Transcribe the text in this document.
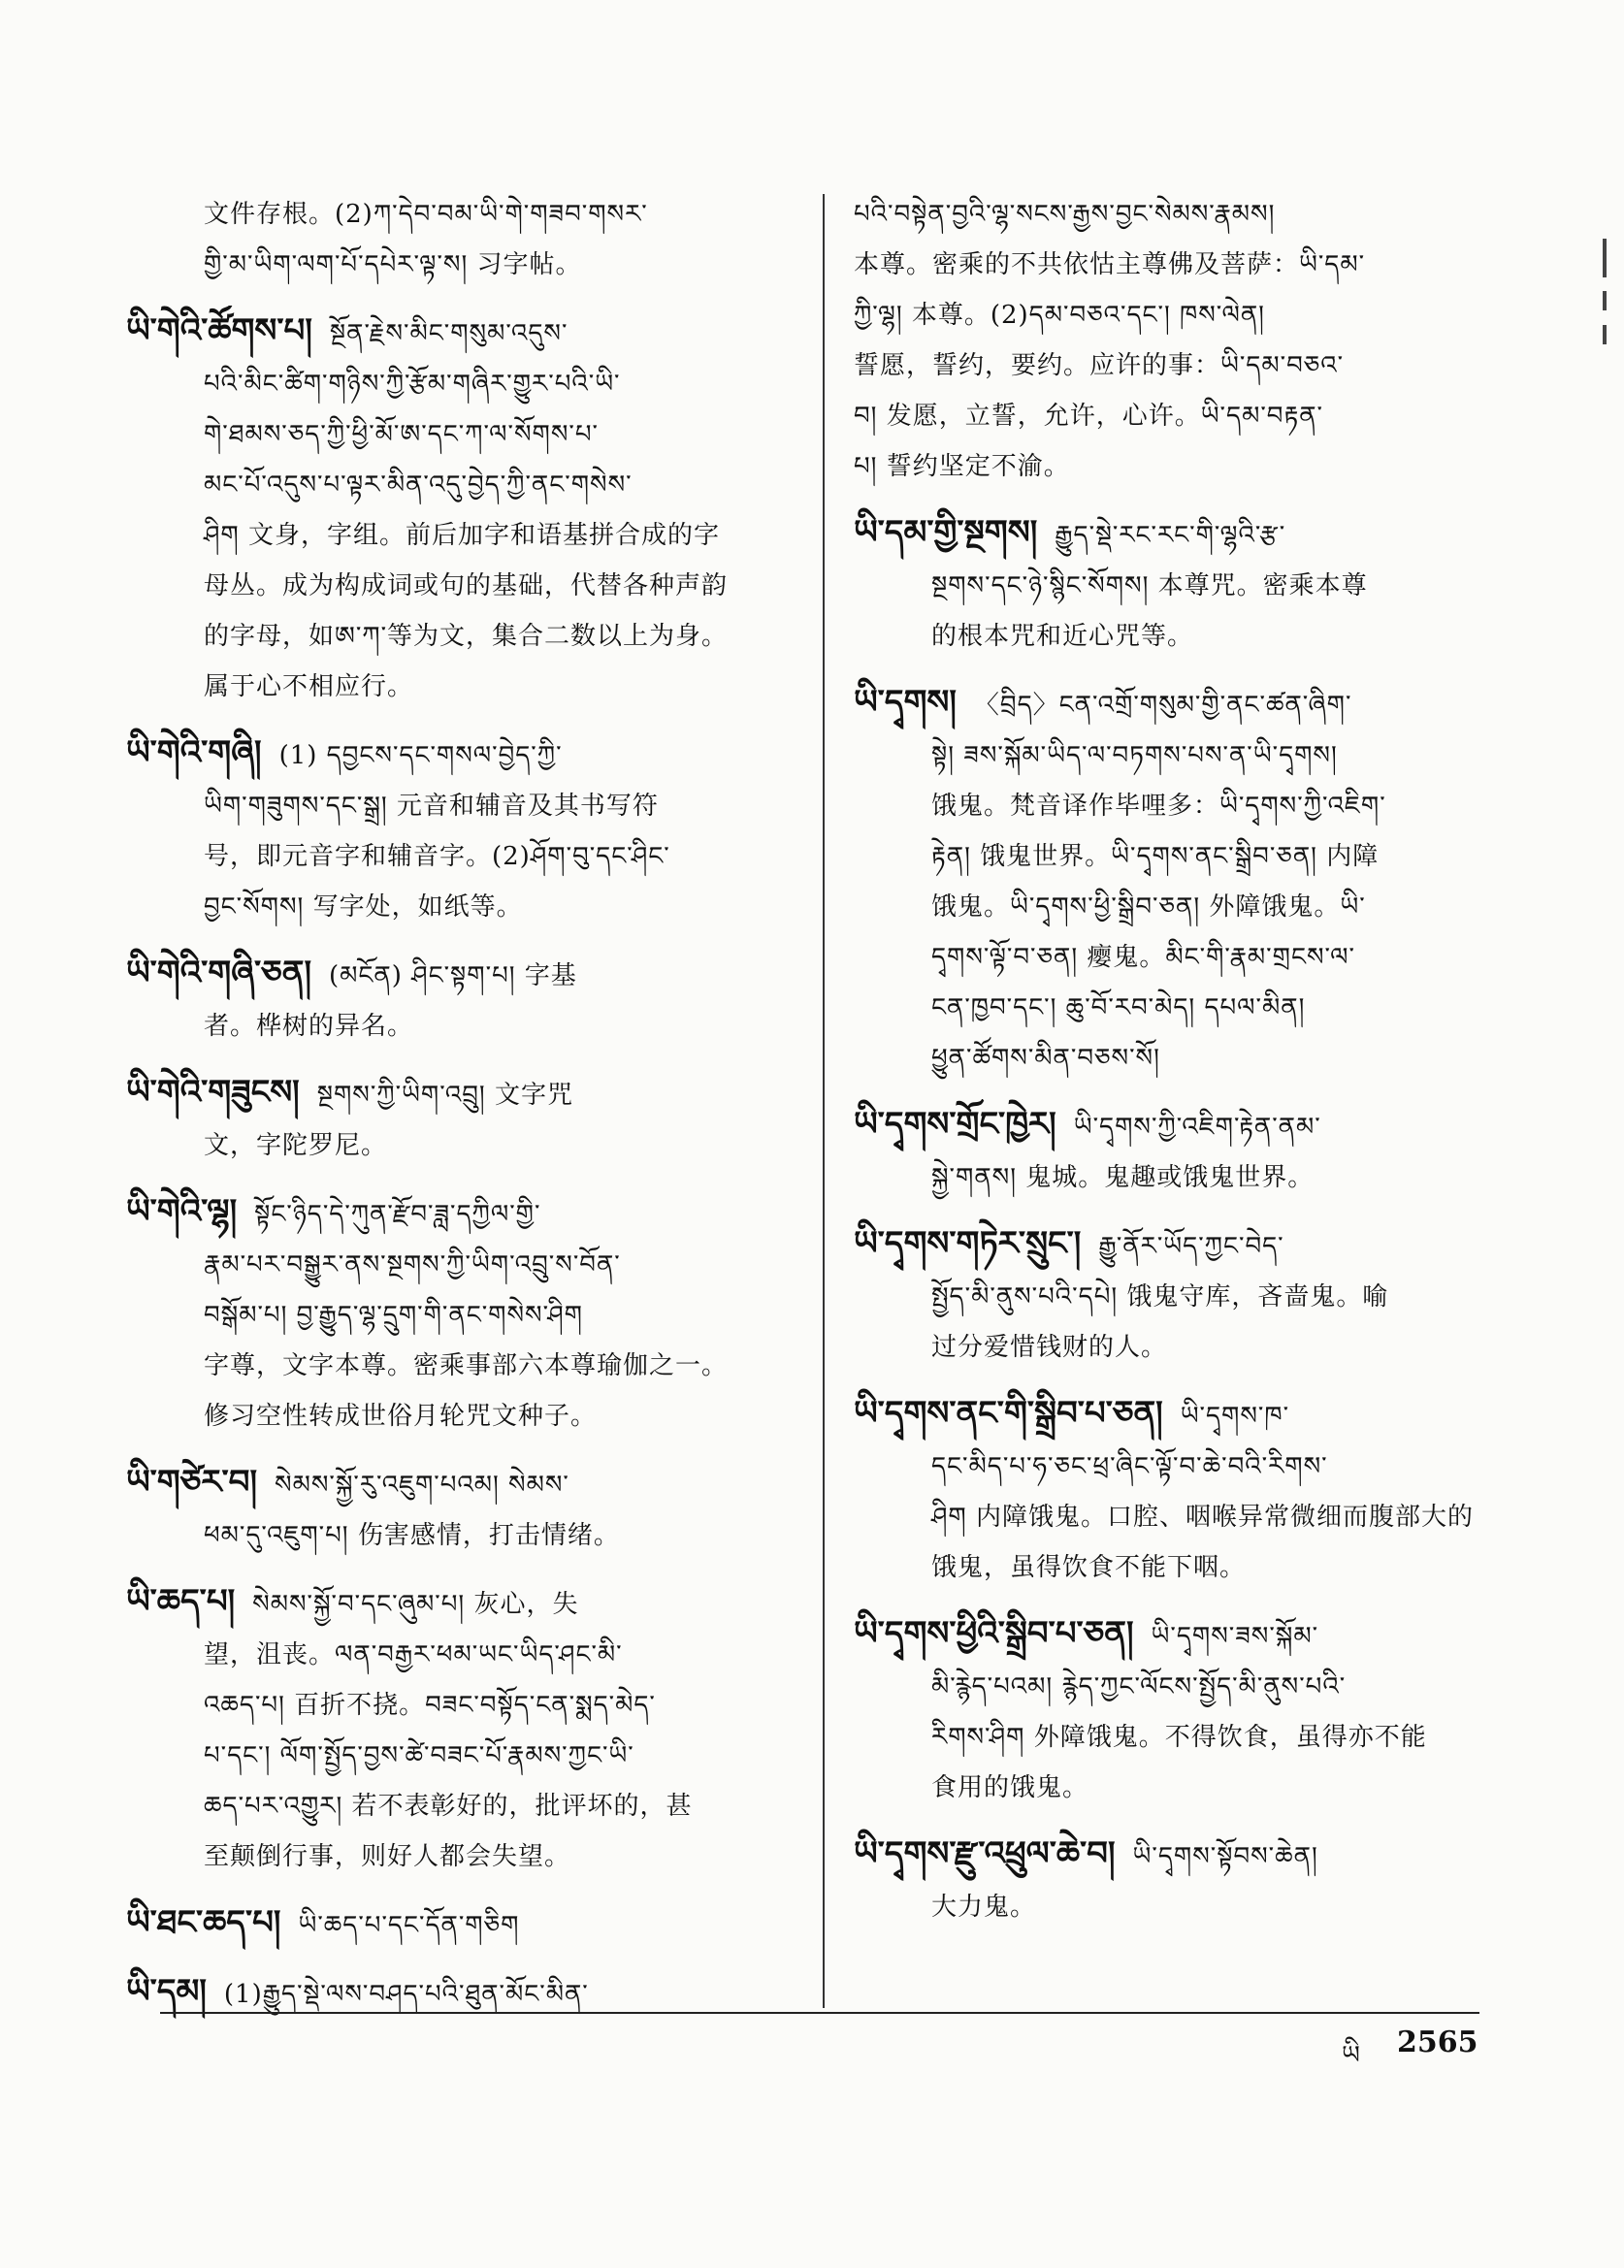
文件存根。(2)ཀ་དེབ་བམ་ཡི་གེ་གཟབ་གསར་
གྱི་མ་ཡིག་ལག་པོ་དཔེར་ལྟ་ས། 习字帖。
ཡི་གེའི་ཚོགས་པ། སྔོན་རྗེས་མིང་གསུམ་འདུས་
པའི་མིང་ཚིག་གཉིས་ཀྱི་རྩོམ་གཞིར་གྱུར་པའི་ཡི་
གེ་ཐམས་ཅད་ཀྱི་ཕྱི་མོ་ཨ་དང་ཀ་ལ་སོགས་པ་
མང་པོ་འདུས་པ་ལྟར་མིན་འདུ་བྱེད་ཀྱི་ནང་གསེས་
ཤིག 文身，字组。前后加字和语基拼合成的字
母丛。成为构成词或句的基础，代替各种声韵
的字母，如ཨ་ཀ་等为文，集合二数以上为身。
属于心不相应行。
ཡི་གེའི་གཞི། (1) དབྱངས་དང་གསལ་བྱེད་ཀྱི་
ཡིག་གཟུགས་དང་སྒྲ། 元音和辅音及其书写符
号，即元音字和辅音字。(2)ཤོག་བུ་དང་ཤིང་
བྱང་སོགས། 写字处，如纸等。
ཡི་གེའི་གཞི་ཅན། (མངོན) ཤིང་སྟག་པ། 字基
者。桦树的异名。
ཡི་གེའི་གཟུངས། སྔགས་ཀྱི་ཡིག་འབྲུ། 文字咒
文，字陀罗尼。
ཡི་གེའི་ལྷ། སྟོང་ཉིད་དེ་ཀུན་རྫོབ་ཟླ་དཀྱིལ་གྱི་
རྣམ་པར་བསྒྱུར་ནས་སྔགས་ཀྱི་ཡིག་འབྲུ་ས་བོན་
བསྒོམ་པ། བྱ་རྒྱུད་ལྷ་དྲུག་གི་ནང་གསེས་ཤིག
字尊，文字本尊。密乘事部六本尊瑜伽之一。
修习空性转成世俗月轮咒文种子。
ཡི་གཙེར་བ། སེམས་སྐྱོ་རུ་འཇུག་པའམ། སེམས་
ཕམ་དུ་འཇུག་པ། 伤害感情，打击情绪。
ཡི་ཆད་པ། སེམས་སྐྱོ་བ་དང་ཞུམ་པ། 灰心，失
望，沮丧。ལན་བརྒྱར་ཕམ་ཡང་ཡིད་ཤང་མི་
འཆད་པ། 百折不挠。བཟང་བསྟོད་ངན་སྨད་མེད་
པ་དང་། ལོག་སྤྱོད་བྱས་ཚེ་བཟང་པོ་རྣམས་ཀྱང་ཡི་
ཆད་པར་འགྱུར། 若不表彰好的，批评坏的，甚
至颠倒行事，则好人都会失望。
ཡི་ཐང་ཆད་པ། ཡི་ཆད་པ་དང་དོན་གཅིག
ཡི་དམ། (1)རྒྱུད་སྡེ་ལས་བཤད་པའི་ཐུན་མོང་མིན་
པའི་བསྟེན་བྱའི་ལྷ་སངས་རྒྱས་བྱང་སེམས་རྣམས།
本尊。密乘的不共依怙主尊佛及菩萨：ཡི་དམ་
ཀྱི་ལྷ། 本尊。(2)དམ་བཅའ་དང་། ཁས་ལེན།
誓愿，誓约，要约。应许的事：ཡི་དམ་བཅའ་
བ། 发愿，立誓，允许，心许。ཡི་དམ་བརྟན་
པ། 誓约坚定不渝。
ཡི་དམ་གྱི་སྔགས། རྒྱུད་སྡེ་རང་རང་གི་ལྷའི་རྩ་
སྔགས་དང་ཉེ་སྙིང་སོགས། 本尊咒。密乘本尊
的根本咒和近心咒等。
ཡི་དྭགས། 〈བྲིད〉ངན་འགྲོ་གསུམ་གྱི་ནང་ཚན་ཞིག་
སྟེ། ཟས་སྐོམ་ཡིད་ལ་བཏགས་པས་ན་ཡི་དྭགས།
饿鬼。梵音译作毕哩多：ཡི་དྭགས་ཀྱི་འཇིག་
རྟེན། 饿鬼世界。ཡི་དྭགས་ནང་སྒྲིབ་ཅན། 内障
饿鬼。ཡི་དྭགས་ཕྱི་སྒྲིབ་ཅན། 外障饿鬼。ཡི་
དྭགས་ལྟོ་བ་ཅན། 瘿鬼。མིང་གི་རྣམ་གྲངས་ལ་
ངན་ཁྱབ་དང་། ཆུ་བོ་རབ་མེད། དཔལ་མིན།
ཕྱུན་ཚོགས་མིན་བཅས་སོ།
ཡི་དྭགས་གྲོང་ཁྱེར། ཡི་དྭགས་ཀྱི་འཇིག་རྟེན་ནམ་
སྐྱེ་གནས། 鬼城。鬼趣或饿鬼世界。
ཡི་དྭགས་གཏེར་སྲུང་། རྒྱུ་ནོར་ཡོད་ཀྱང་བེད་
སྤྱོད་མི་ནུས་པའི་དཔེ། 饿鬼守库，吝啬鬼。喻
过分爱惜钱财的人。
ཡི་དྭགས་ནང་གི་སྒྲིབ་པ་ཅན། ཡི་དྭགས་ཁ་
དང་མིད་པ་ཧ་ཅང་ཕྲ་ཞིང་ལྟོ་བ་ཆེ་བའི་རིགས་
ཤིག 内障饿鬼。口腔、咽喉异常微细而腹部大的
饿鬼，虽得饮食不能下咽。
ཡི་དྭགས་ཕྱིའི་སྒྲིབ་པ་ཅན། ཡི་དྭགས་ཟས་སྐོམ་
མི་རྙེད་པའམ། རྙེད་ཀྱང་ལོངས་སྤྱོད་མི་ནུས་པའི་
རིགས་ཤིག 外障饿鬼。不得饮食，虽得亦不能
食用的饿鬼。
ཡི་དྭགས་རྫུ་འཕྲུལ་ཆེ་བ། ཡི་དྭགས་སྟོབས་ཆེན།
大力鬼。
ཡི 2565
